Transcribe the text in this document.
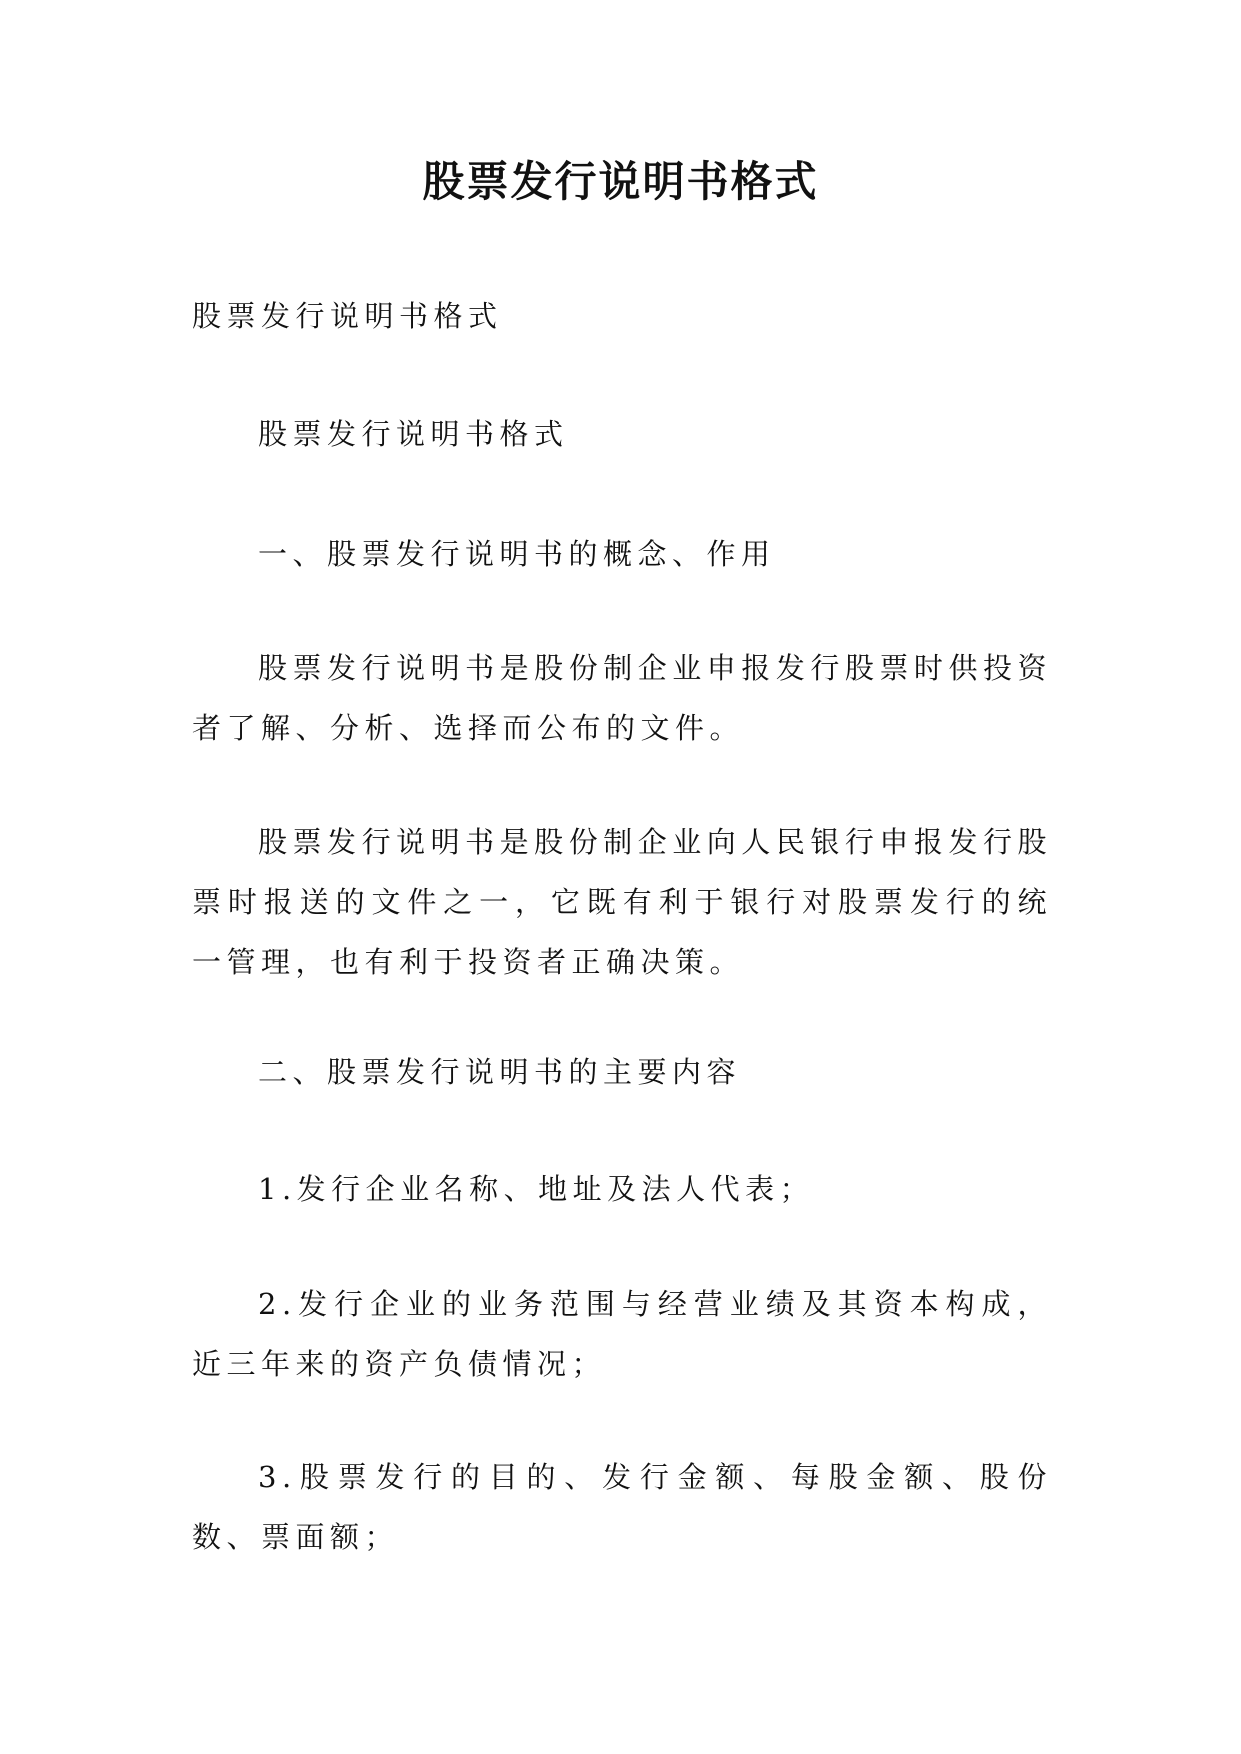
股票发行说明书格式

股票发行说明书格式

股票发行说明书格式

一、股票发行说明书的概念、作用

股票发行说明书是股份制企业申报发行股票时供投资者了解、分析、选择而公布的文件。

股票发行说明书是股份制企业向人民银行申报发行股票时报送的文件之一，它既有利于银行对股票发行的统一管理，也有利于投资者正确决策。

二、股票发行说明书的主要内容

1.发行企业名称、地址及法人代表；

2.发行企业的业务范围与经营业绩及其资本构成，近三年来的资产负债情况；

3.股票发行的目的、发行金额、每股金额、股份数、票面额；
